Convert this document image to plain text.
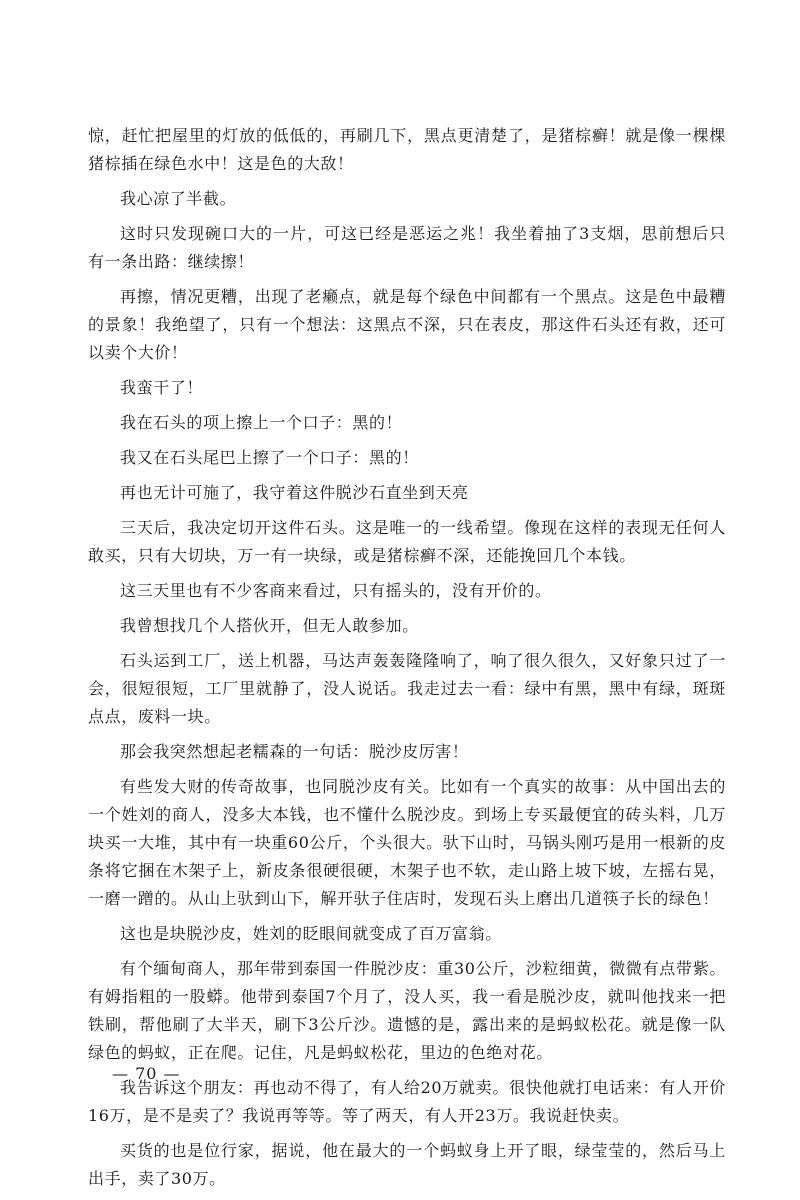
惊，赶忙把屋里的灯放的低低的，再刷几下，黑点更清楚了，是猪棕癣！就是像一棵棵猪棕插在绿色水中！这是色的大敌！

我心凉了半截。

这时只发现碗口大的一片，可这已经是恶运之兆！我坐着抽了3支烟，思前想后只有一条出路：继续擦！

再擦，情况更糟，出现了老癞点，就是每个绿色中间都有一个黑点。这是色中最糟的景象！我绝望了，只有一个想法：这黑点不深，只在表皮，那这件石头还有救，还可以卖个大价！

我蛮干了！

我在石头的项上擦上一个口子：黑的！

我又在石头尾巴上擦了一个口子：黑的！

再也无计可施了，我守着这件脱沙石直坐到天亮

三天后，我决定切开这件石头。这是唯一的一线希望。像现在这样的表现无任何人敢买，只有大切块，万一有一块绿，或是猪棕癣不深，还能挽回几个本钱。

这三天里也有不少客商来看过，只有摇头的，没有开价的。

我曾想找几个人搭伙开，但无人敢参加。

石头运到工厂，送上机器，马达声轰轰隆隆响了，响了很久很久，又好象只过了一会，很短很短，工厂里就静了，没人说话。我走过去一看：绿中有黑，黑中有绿，斑斑点点，废料一块。

那会我突然想起老糯森的一句话：脱沙皮厉害！

有些发大财的传奇故事，也同脱沙皮有关。比如有一个真实的故事：从中国出去的一个姓刘的商人，没多大本钱，也不懂什么脱沙皮。到场上专买最便宜的砖头料，几万块买一大堆，其中有一块重60公斤，个头很大。驮下山时，马锅头刚巧是用一根新的皮条将它捆在木架子上，新皮条很硬很硬，木架子也不软，走山路上坡下坡，左摇右晃，一磨一蹭的。从山上驮到山下，解开驮子住店时，发现石头上磨出几道筷子长的绿色！

这也是块脱沙皮，姓刘的眨眼间就变成了百万富翁。

有个缅甸商人，那年带到泰国一件脱沙皮：重30公斤，沙粒细黄，微微有点带紫。有姆指粗的一股蟒。他带到泰国7个月了，没人买，我一看是脱沙皮，就叫他找来一把铁刷，帮他刷了大半天，刷下3公斤沙。遗憾的是，露出来的是蚂蚁松花。就是像一队绿色的蚂蚁，正在爬。记住，凡是蚂蚁松花，里边的色绝对花。

我告诉这个朋友：再也动不得了，有人给20万就卖。很快他就打电话来：有人开价16万，是不是卖了？我说再等等。等了两天，有人开23万。我说赶快卖。

买货的也是位行家，据说，他在最大的一个蚂蚁身上开了眼，绿莹莹的，然后马上出手，卖了30万。

— 70 —
